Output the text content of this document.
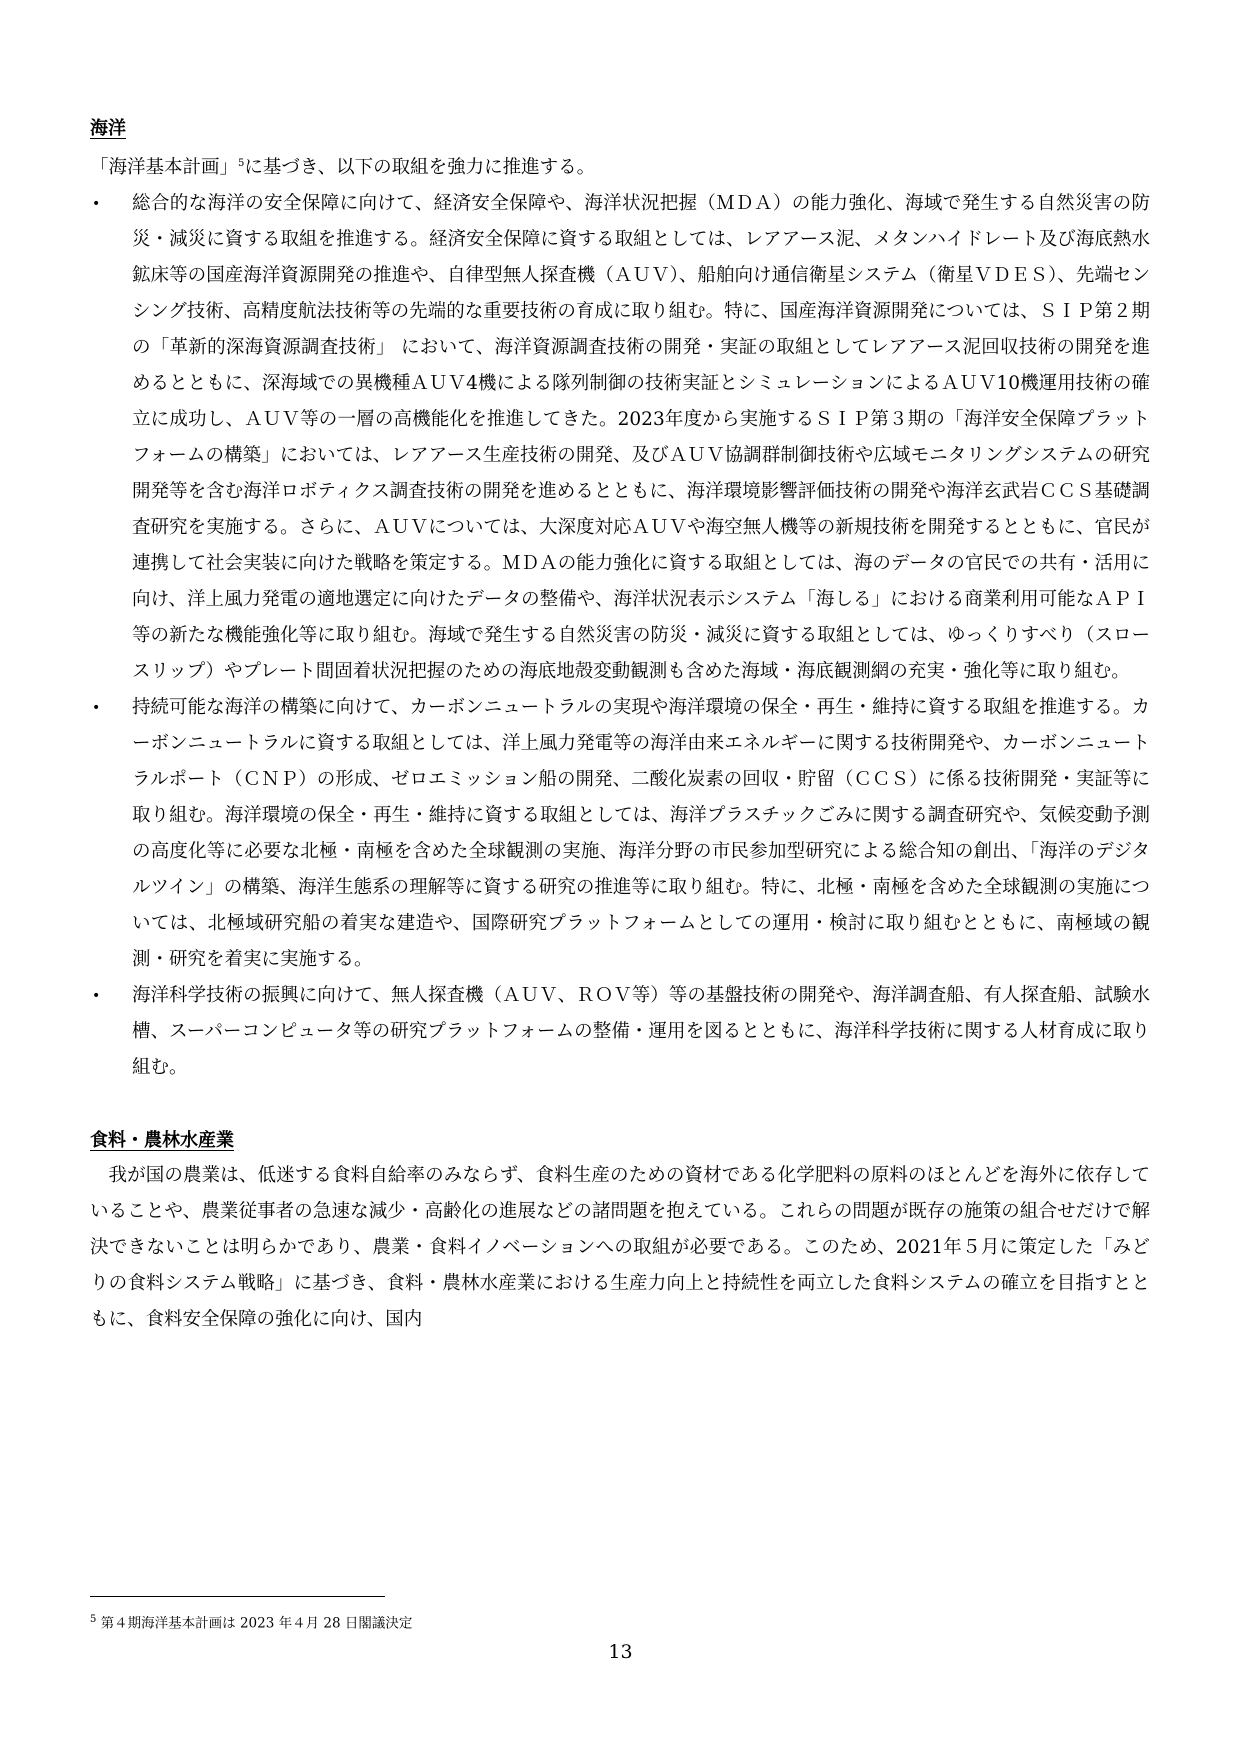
海洋

「海洋基本計画」$^5$に基づき、以下の取組を強力に推進する。

• 総合的な海洋の安全保障に向けて、経済安全保障や、海洋状況把握（ＭＤＡ）の能力強化、海域で発生する自然災害の防災・減災に資する取組を推進する。経済安全保障に資する取組としては、レアアース泥、メタンハイドレート及び海底熱水鉱床等の国産海洋資源開発の推進や、自律型無人探査機（ＡＵＶ）、船舶向け通信衛星システム（衛星ＶＤＥＳ）、先端センシング技術、高精度航法技術等の先端的な重要技術の育成に取り組む。特に、国産海洋資源開発については、ＳＩＰ第２期の「革新的深海資源調査技術」 において、海洋資源調査技術の開発・実証の取組としてレアアース泥回収技術の開発を進めるとともに、深海域での異機種ＡＵＶ4機による隊列制御の技術実証とシミュレーションによるＡＵＶ10機運用技術の確立に成功し、ＡＵＶ等の一層の高機能化を推進してきた。2023年度から実施するＳＩＰ第３期の「海洋安全保障プラットフォームの構築」においては、レアアース生産技術の開発、及びＡＵＶ協調群制御技術や広域モニタリングシステムの研究開発等を含む海洋ロボティクス調査技術の開発を進めるとともに、海洋環境影響評価技術の開発や海洋玄武岩ＣＣＳ基礎調査研究を実施する。さらに、ＡＵＶについては、大深度対応ＡＵＶや海空無人機等の新規技術を開発するとともに、官民が連携して社会実装に向けた戦略を策定する。ＭＤＡの能力強化に資する取組としては、海のデータの官民での共有・活用に向け、洋上風力発電の適地選定に向けたデータの整備や、海洋状況表示システム「海しる」における商業利用可能なＡＰＩ等の新たな機能強化等に取り組む。海域で発生する自然災害の防災・減災に資する取組としては、ゆっくりすべり（スロースリップ）やプレート間固着状況把握のための海底地殻変動観測も含めた海域・海底観測網の充実・強化等に取り組む。
• 持続可能な海洋の構築に向けて、カーボンニュートラルの実現や海洋環境の保全・再生・維持に資する取組を推進する。カーボンニュートラルに資する取組としては、洋上風力発電等の海洋由来エネルギーに関する技術開発や、カーボンニュートラルポート（ＣＮＰ）の形成、ゼロエミッション船の開発、二酸化炭素の回収・貯留（ＣＣＳ）に係る技術開発・実証等に取り組む。海洋環境の保全・再生・維持に資する取組としては、海洋プラスチックごみに関する調査研究や、気候変動予測の高度化等に必要な北極・南極を含めた全球観測の実施、海洋分野の市民参加型研究による総合知の創出、「海洋のデジタルツイン」の構築、海洋生態系の理解等に資する研究の推進等に取り組む。特に、北極・南極を含めた全球観測の実施については、北極域研究船の着実な建造や、国際研究プラットフォームとしての運用・検討に取り組むとともに、南極域の観測・研究を着実に実施する。
• 海洋科学技術の振興に向けて、無人探査機（ＡＵＶ、ＲＯＶ等）等の基盤技術の開発や、海洋調査船、有人探査船、試験水槽、スーパーコンピュータ等の研究プラットフォームの整備・運用を図るとともに、海洋科学技術に関する人材育成に取り組む。
食料・農林水産業

我が国の農業は、低迷する食料自給率のみならず、食料生産のための資材である化学肥料の原料のほとんどを海外に依存していることや、農業従事者の急速な減少・高齢化の進展などの諸問題を抱えている。これらの問題が既存の施策の組合せだけで解決できないことは明らかであり、農業・食料イノベーションへの取組が必要である。このため、2021年５月に策定した「みどりの食料システム戦略」に基づき、食料・農林水産業における生産力向上と持続性を両立した食料システムの確立を目指すとともに、食料安全保障の強化に向け、国内

$^5$ 第４期海洋基本計画は 2023 年４月 28 日閣議決定
13
